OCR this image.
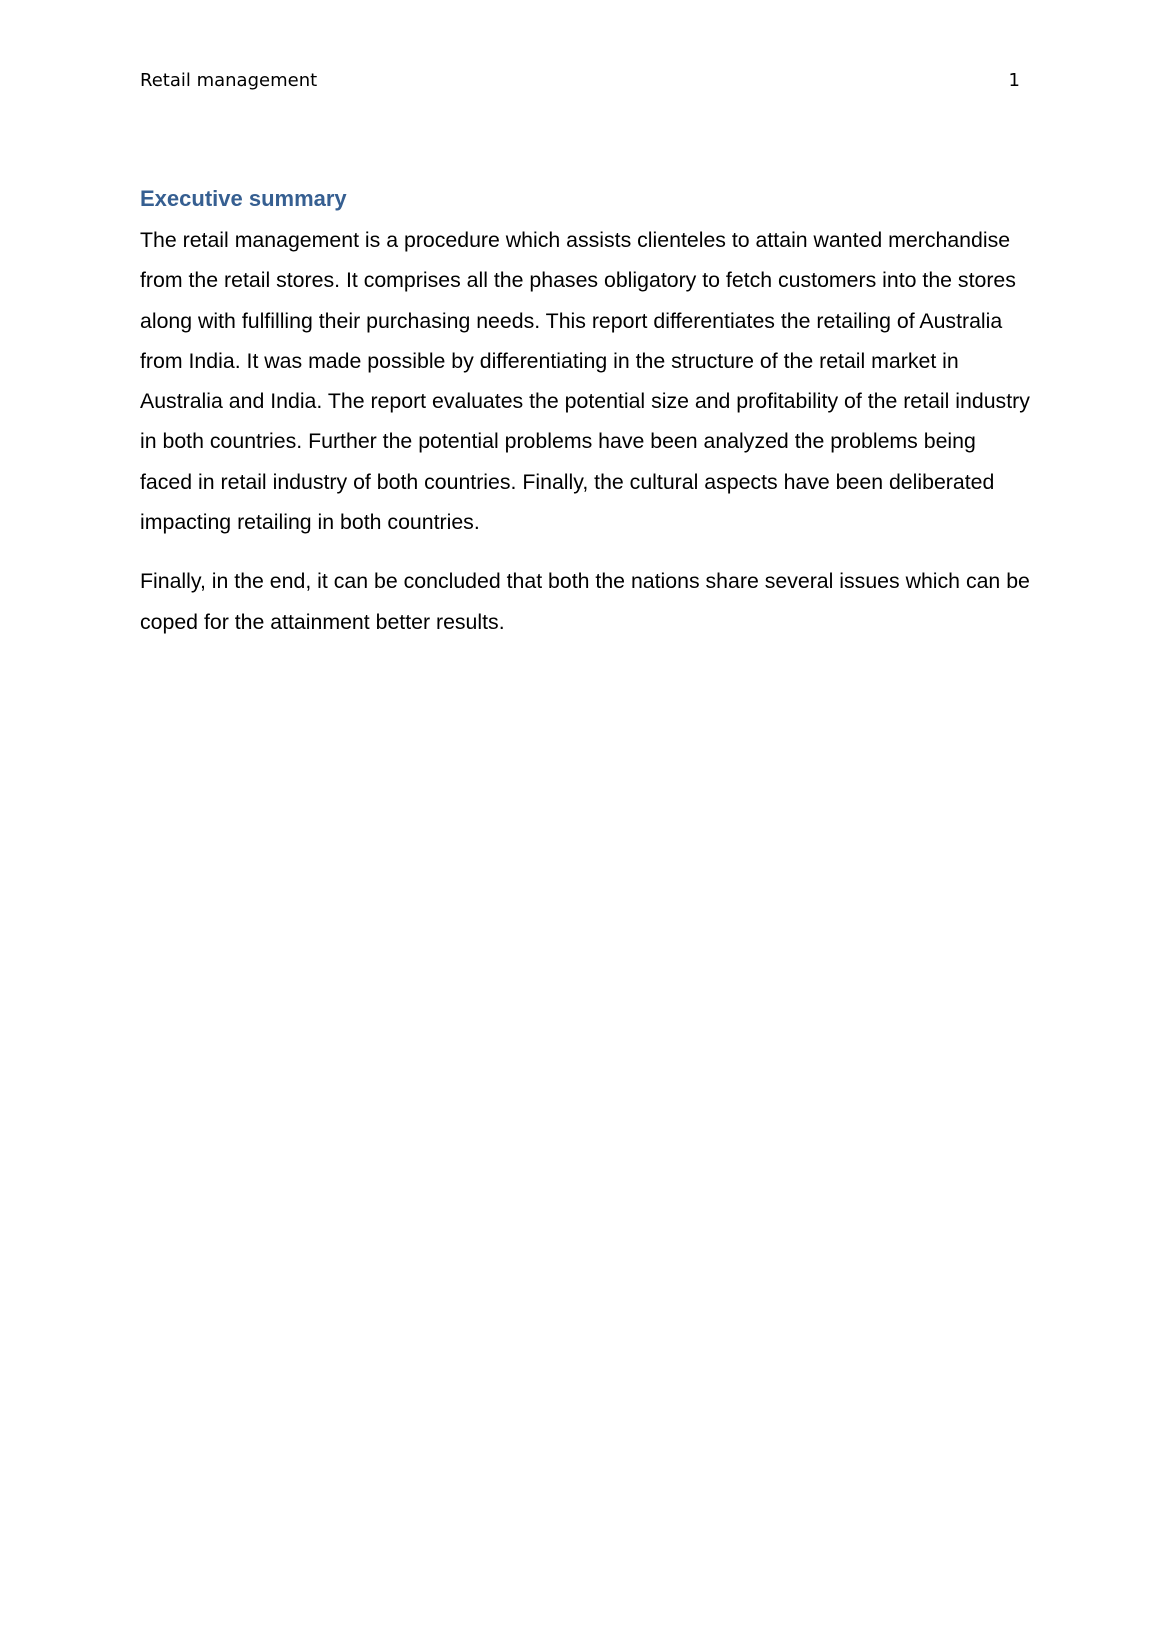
Retail management	1
Executive summary

The retail management is a procedure which assists clienteles to attain wanted merchandise from the retail stores. It comprises all the phases obligatory to fetch customers into the stores along with fulfilling their purchasing needs. This report differentiates the retailing of Australia from India. It was made possible by differentiating in the structure of the retail market in Australia and India. The report evaluates the potential size and profitability of the retail industry in both countries. Further the potential problems have been analyzed the problems being faced in retail industry of both countries. Finally, the cultural aspects have been deliberated impacting retailing in both countries.

Finally, in the end, it can be concluded that both the nations share several issues which can be coped for the attainment better results.
